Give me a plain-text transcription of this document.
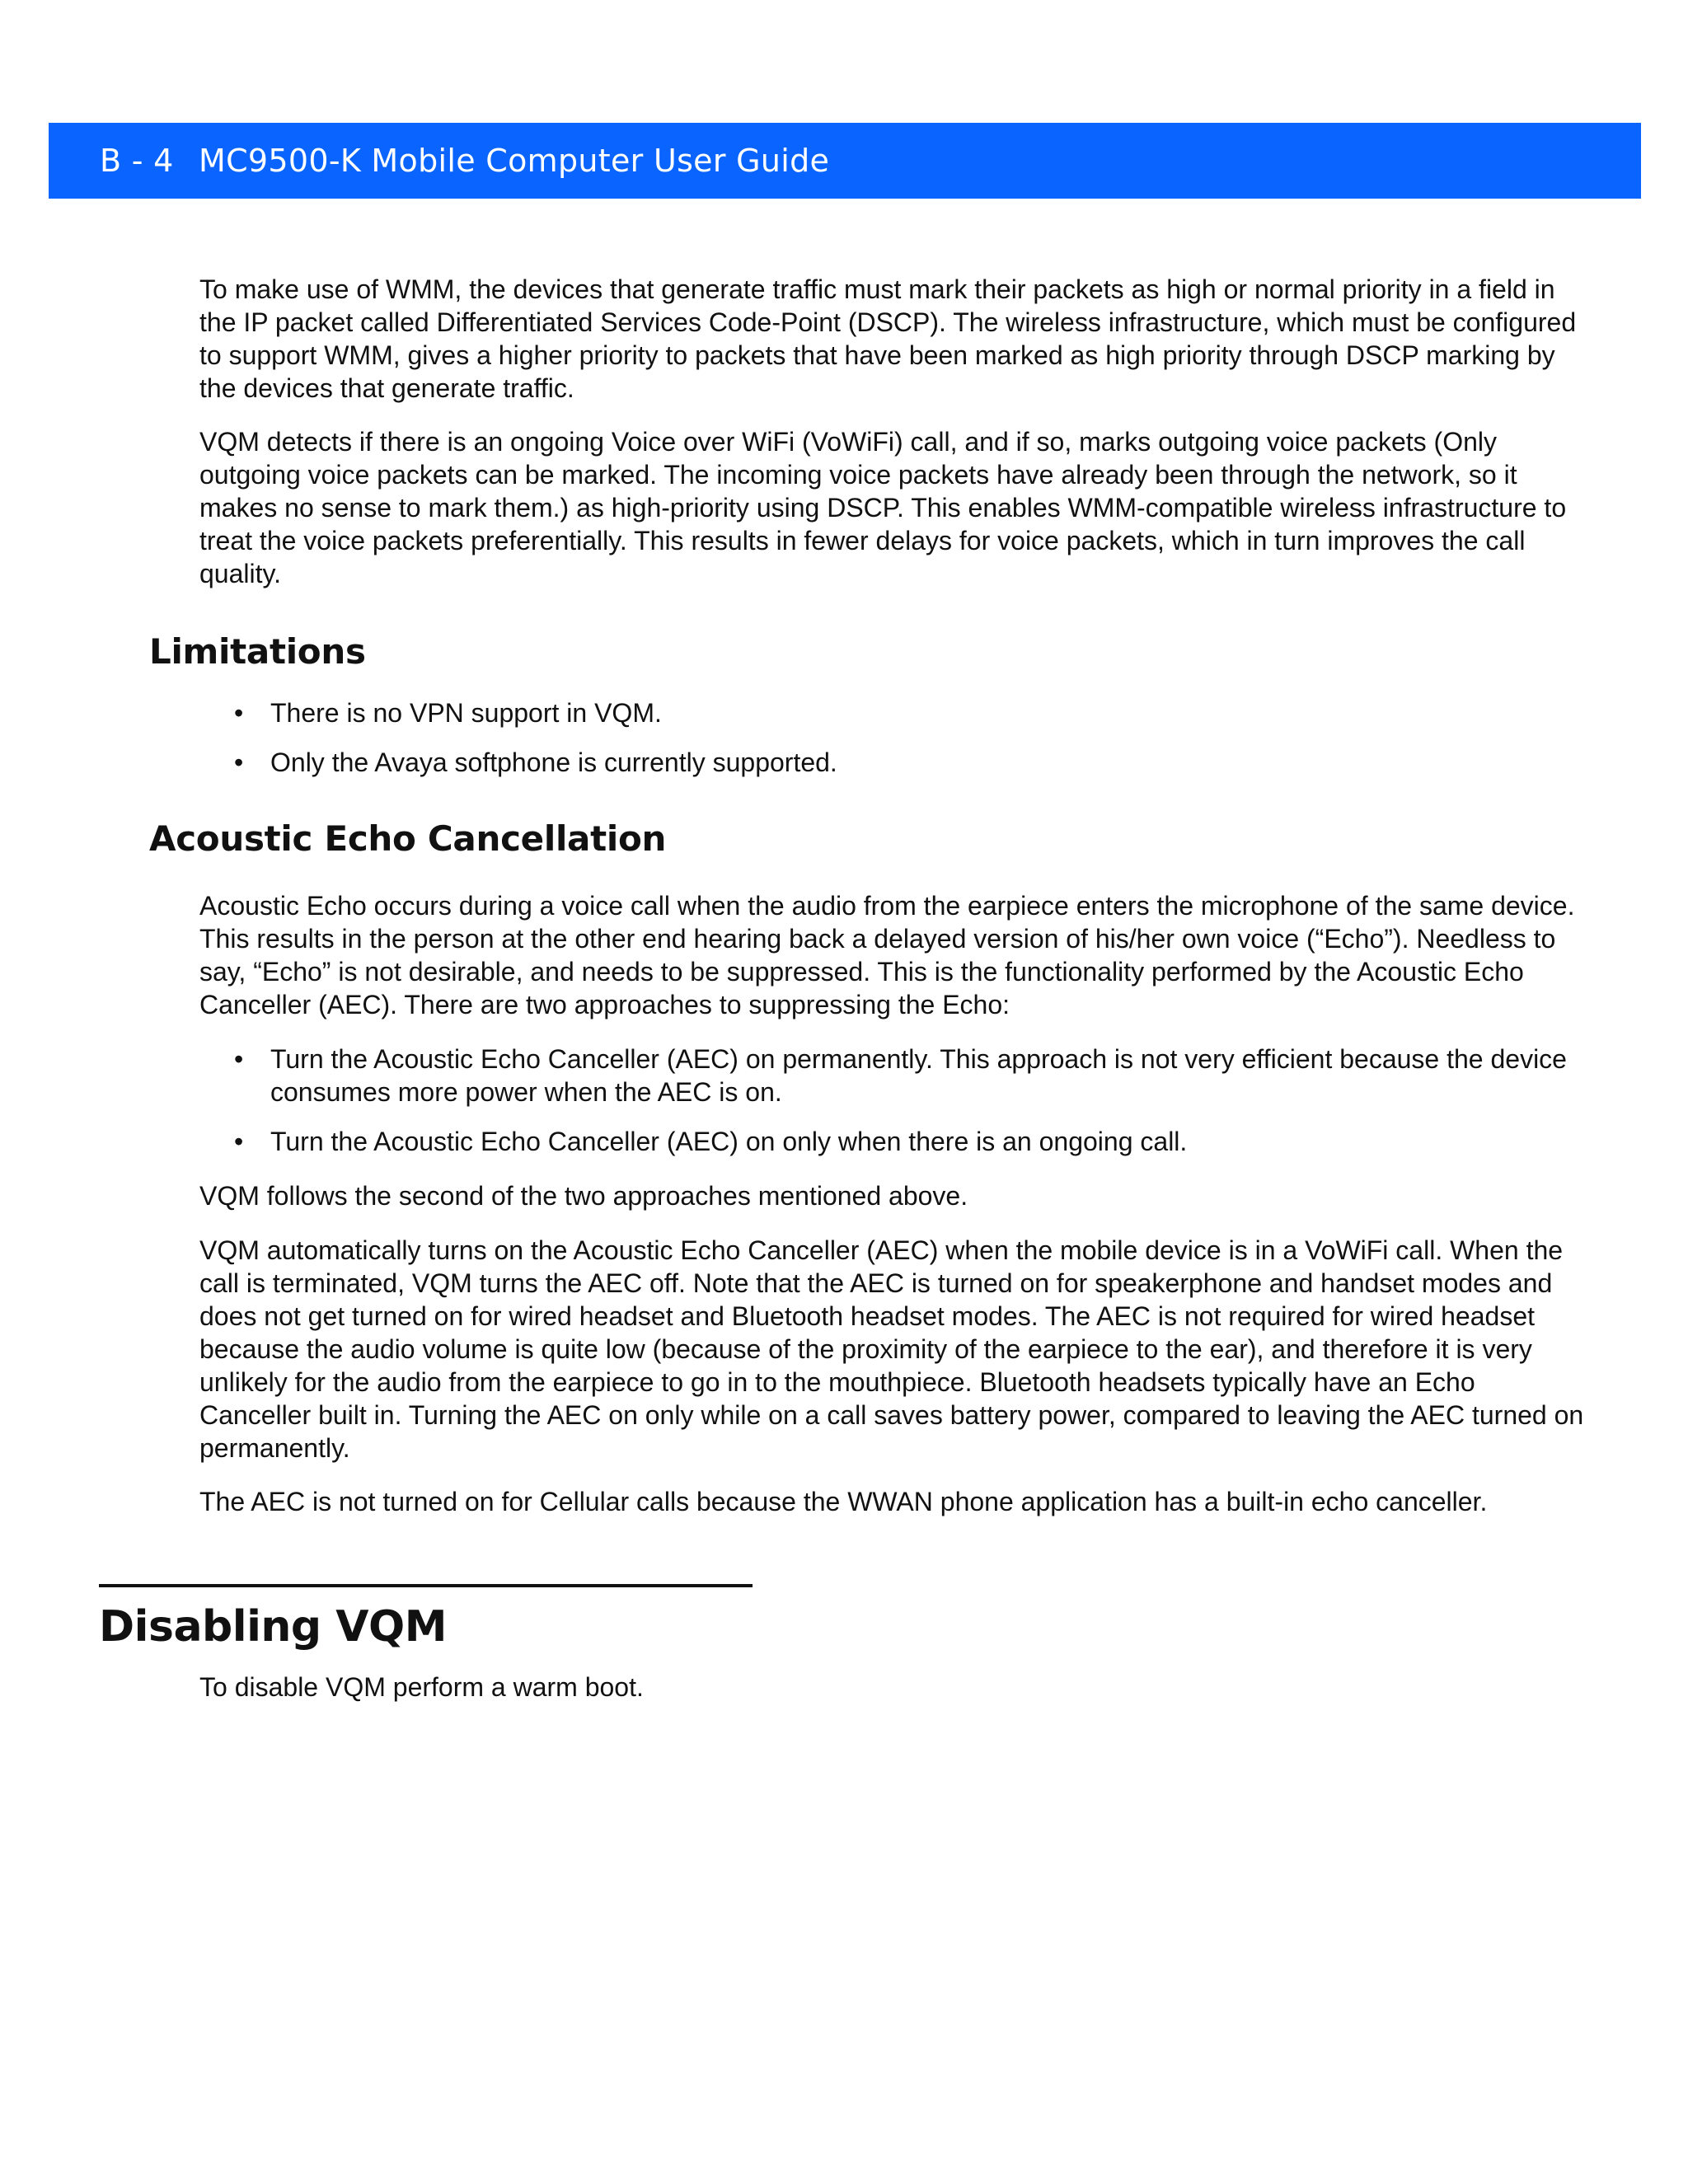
B - 4 MC9500-K Mobile Computer User Guide

To make use of WMM, the devices that generate traffic must mark their packets as high or normal priority in a field in the IP packet called Differentiated Services Code-Point (DSCP). The wireless infrastructure, which must be configured to support WMM, gives a higher priority to packets that have been marked as high priority through DSCP marking by the devices that generate traffic.

VQM detects if there is an ongoing Voice over WiFi (VoWiFi) call, and if so, marks outgoing voice packets (Only outgoing voice packets can be marked. The incoming voice packets have already been through the network, so it makes no sense to mark them.) as high-priority using DSCP. This enables WMM-compatible wireless infrastructure to treat the voice packets preferentially. This results in fewer delays for voice packets, which in turn improves the call quality.

Limitations
• There is no VPN support in VQM.
• Only the Avaya softphone is currently supported.
Acoustic Echo Cancellation

Acoustic Echo occurs during a voice call when the audio from the earpiece enters the microphone of the same device. This results in the person at the other end hearing back a delayed version of his/her own voice (“Echo”). Needless to say, “Echo” is not desirable, and needs to be suppressed. This is the functionality performed by the Acoustic Echo Canceller (AEC). There are two approaches to suppressing the Echo:

• Turn the Acoustic Echo Canceller (AEC) on permanently. This approach is not very efficient because the device consumes more power when the AEC is on.
• Turn the Acoustic Echo Canceller (AEC) on only when there is an ongoing call.

VQM follows the second of the two approaches mentioned above.

VQM automatically turns on the Acoustic Echo Canceller (AEC) when the mobile device is in a VoWiFi call. When the call is terminated, VQM turns the AEC off. Note that the AEC is turned on for speakerphone and handset modes and does not get turned on for wired headset and Bluetooth headset modes. The AEC is not required for wired headset because the audio volume is quite low (because of the proximity of the earpiece to the ear), and therefore it is very unlikely for the audio from the earpiece to go in to the mouthpiece. Bluetooth headsets typically have an Echo Canceller built in. Turning the AEC on only while on a call saves battery power, compared to leaving the AEC turned on permanently.

The AEC is not turned on for Cellular calls because the WWAN phone application has a built-in echo canceller.

Disabling VQM

To disable VQM perform a warm boot.
